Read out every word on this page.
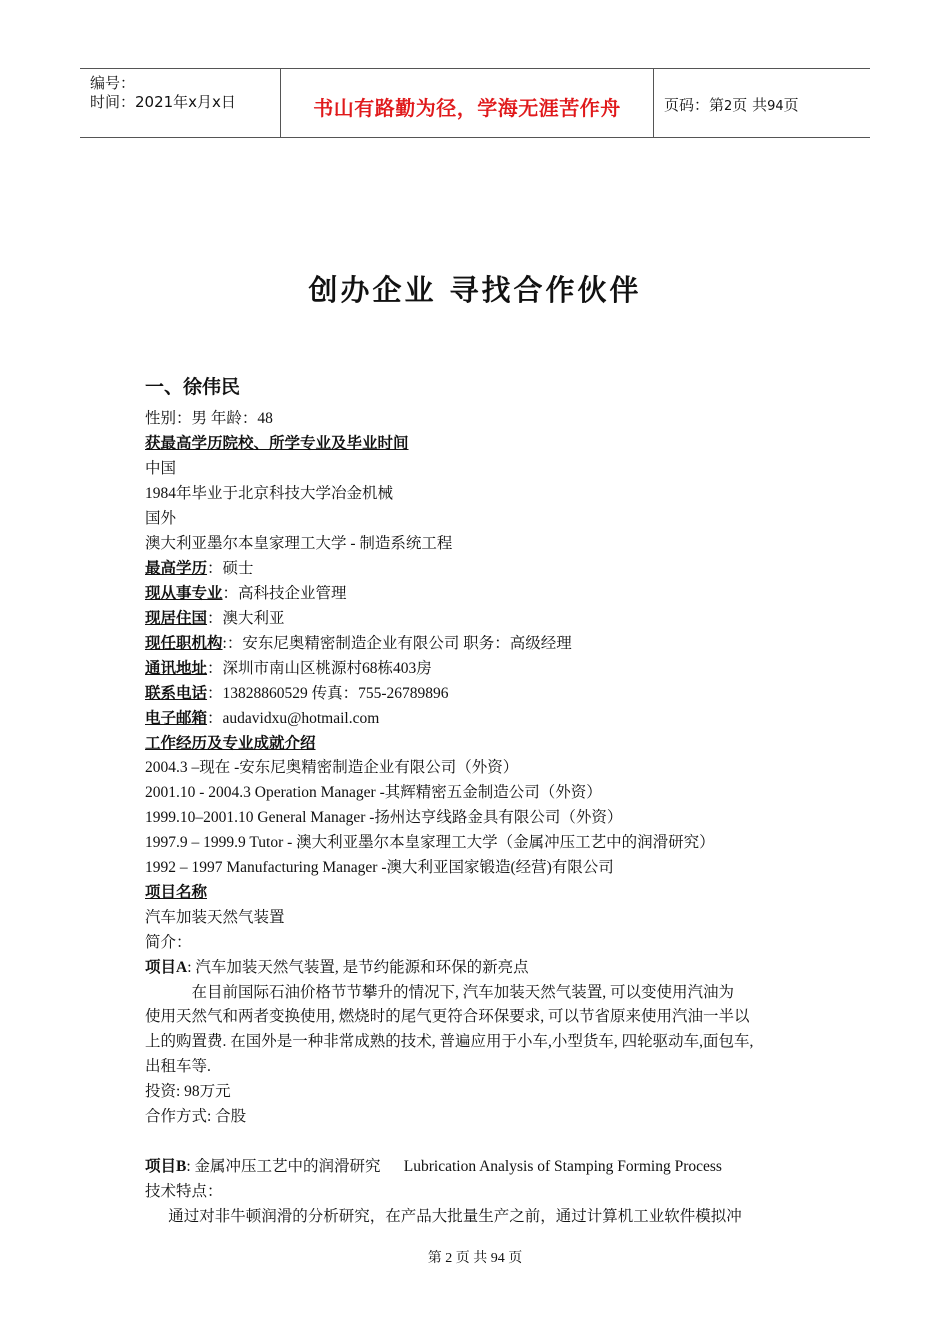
编号：
时间：2021年x月x日	书山有路勤为径，学海无涯苦作舟	页码：第2页 共94页
创办企业 寻找合作伙伴
一、徐伟民
性别：男 年龄：48
获最高学历院校、所学专业及毕业时间
中国
1984年毕业于北京科技大学冶金机械
国外
澳大利亚墨尔本皇家理工大学 - 制造系统工程
最高学历：硕士
现从事专业：高科技企业管理
现居住国：澳大利亚
现任职机构:：安东尼奥精密制造企业有限公司 职务：高级经理
通讯地址：深圳市南山区桃源村68栋403房
联系电话：13828860529 传真：755-26789896
电子邮箱：audavidxu@hotmail.com
工作经历及专业成就介绍
2004.3 –现在 -安东尼奥精密制造企业有限公司（外资）
2001.10 - 2004.3 Operation Manager -其辉精密五金制造公司（外资）
1999.10–2001.10 General Manager -扬州达亨线路金具有限公司（外资）
1997.9 – 1999.9 Tutor - 澳大利亚墨尔本皇家理工大学（金属冲压工艺中的润滑研究）
1992 – 1997 Manufacturing Manager -澳大利亚国家锻造(经营)有限公司
项目名称
汽车加装天然气装置
简介：
项目A: 汽车加装天然气装置, 是节约能源和环保的新亮点
在目前国际石油价格节节攀升的情况下, 汽车加装天然气装置, 可以变使用汽油为
使用天然气和两者变换使用, 燃烧时的尾气更符合环保要求, 可以节省原来使用汽油一半以
上的购置费. 在国外是一种非常成熟的技术, 普遍应用于小车,小型货车, 四轮驱动车,面包车,
出租车等.
投资: 98万元
合作方式: 合股
项目B: 金属冲压工艺中的润滑研究      Lubrication Analysis of Stamping Forming Process
技术特点：
通过对非牛顿润滑的分析研究，在产品大批量生产之前，通过计算机工业软件模拟冲
第 2 页 共 94 页
